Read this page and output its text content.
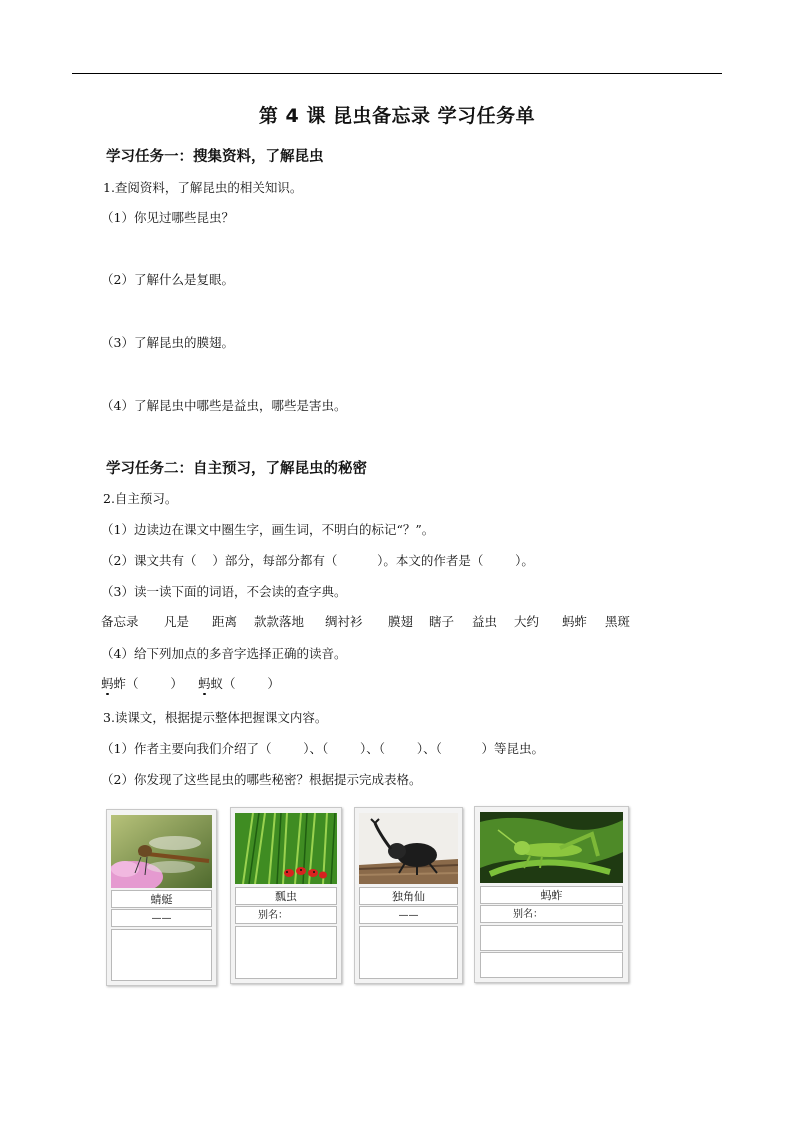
第 4 课 昆虫备忘录 学习任务单
学习任务一：搜集资料，了解昆虫
1.查阅资料，了解昆虫的相关知识。
（1）你见过哪些昆虫？
（2）了解什么是复眼。
（3）了解昆虫的膜翅。
（4）了解昆虫中哪些是益虫，哪些是害虫。
学习任务二：自主预习，了解昆虫的秘密
2.自主预习。
（1）边读边在课文中圈生字，画生词，不明白的标记“？”。
（2）课文共有（    ）部分，每部分都有（          ）。本文的作者是（        ）。
（3）读一读下面的词语，不会读的查字典。
备忘录 凡是 距离 款款落地 绸衬衫 膜翅 瞎子 益虫 大约 蚂蚱 黑斑
（4）给下列加点的多音字选择正确的读音。
蚂蚱（        ） 蚂蚁（        ）
3.读课文，根据提示整体把握课文内容。
（1）作者主要向我们介绍了（        ）、（        ）、（        ）、（          ）等昆虫。
（2）你发现了这些昆虫的哪些秘密？根据提示完成表格。
蜻蜓
——
瓢虫
别名：
独角仙
——
蚂蚱
别名：
